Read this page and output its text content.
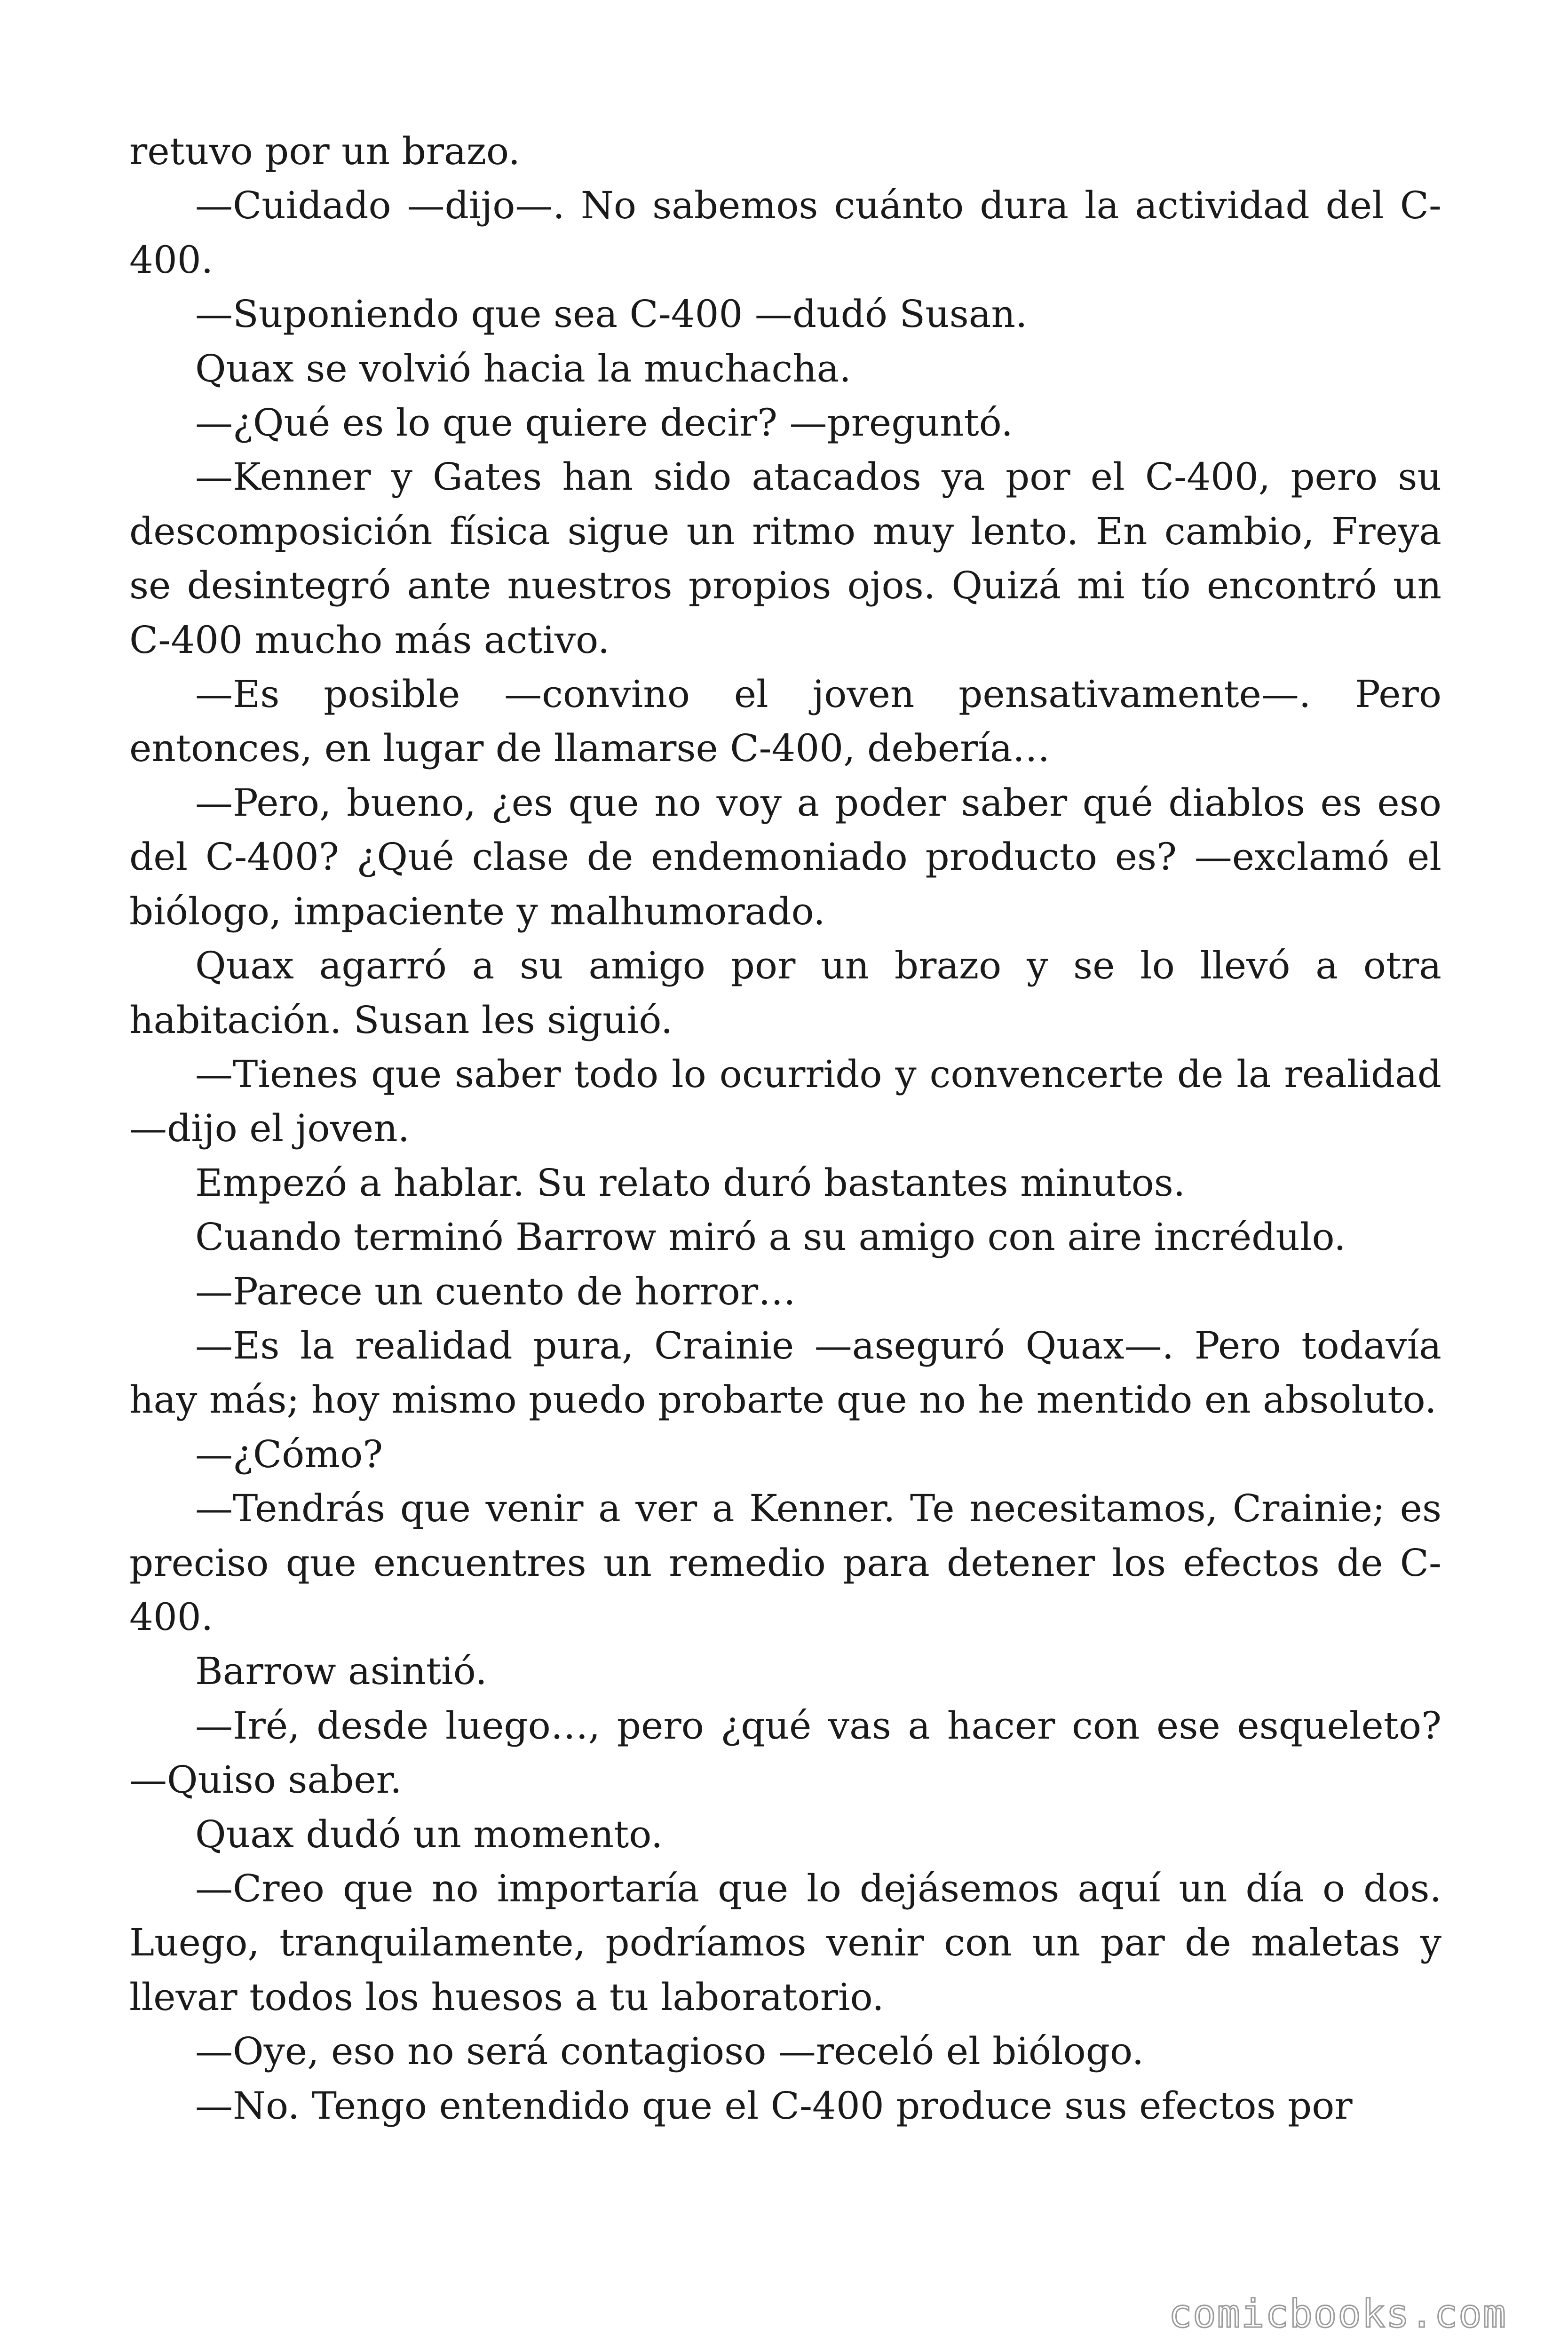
retuvo por un brazo.

—Cuidado —dijo—. No sabemos cuánto dura la actividad del C-400.

—Suponiendo que sea C-400 —dudó Susan.

Quax se volvió hacia la muchacha.

—¿Qué es lo que quiere decir? —preguntó.

—Kenner y Gates han sido atacados ya por el C-400, pero su descomposición física sigue un ritmo muy lento. En cambio, Freya se desintegró ante nuestros propios ojos. Quizá mi tío encontró un C-400 mucho más activo.

—Es posible —convino el joven pensativamente—. Pero entonces, en lugar de llamarse C-400, debería…

—Pero, bueno, ¿es que no voy a poder saber qué diablos es eso del C-400? ¿Qué clase de endemoniado producto es? —exclamó el biólogo, impaciente y malhumorado.

Quax agarró a su amigo por un brazo y se lo llevó a otra habitación. Susan les siguió.

—Tienes que saber todo lo ocurrido y convencerte de la realidad —dijo el joven.

Empezó a hablar. Su relato duró bastantes minutos.

Cuando terminó Barrow miró a su amigo con aire incrédulo.

—Parece un cuento de horror…

—Es la realidad pura, Crainie —aseguró Quax—. Pero todavía hay más; hoy mismo puedo probarte que no he mentido en absoluto.

—¿Cómo?

—Tendrás que venir a ver a Kenner. Te necesitamos, Crainie; es preciso que encuentres un remedio para detener los efectos de C-400.

Barrow asintió.

—Iré, desde luego…, pero ¿qué vas a hacer con ese esqueleto? —Quiso saber.

Quax dudó un momento.

—Creo que no importaría que lo dejásemos aquí un día o dos. Luego, tranquilamente, podríamos venir con un par de maletas y llevar todos los huesos a tu laboratorio.

—Oye, eso no será contagioso —receló el biólogo.

—No. Tengo entendido que el C-400 produce sus efectos por

comicbooks.com
